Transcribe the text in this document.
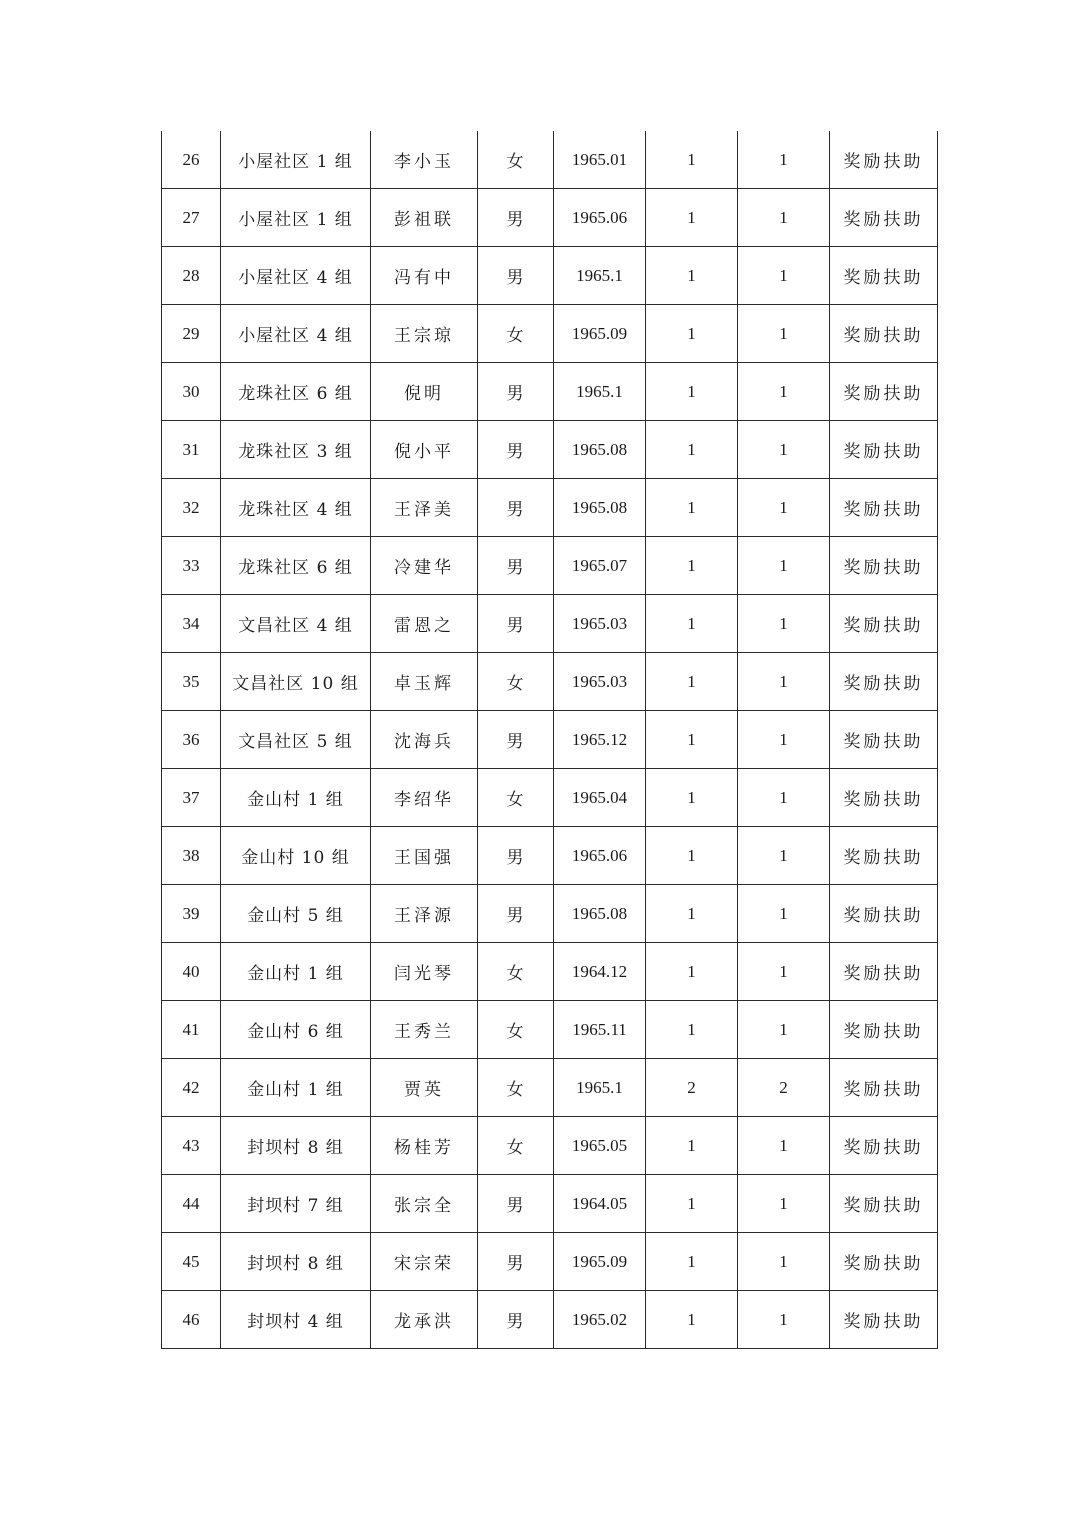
26	小屋社区 1 组	李小玉	女	1965.01	1	1	奖励扶助
27	小屋社区 1 组	彭祖联	男	1965.06	1	1	奖励扶助
28	小屋社区 4 组	冯有中	男	1965.1	1	1	奖励扶助
29	小屋社区 4 组	王宗琼	女	1965.09	1	1	奖励扶助
30	龙珠社区 6 组	倪明	男	1965.1	1	1	奖励扶助
31	龙珠社区 3 组	倪小平	男	1965.08	1	1	奖励扶助
32	龙珠社区 4 组	王泽美	男	1965.08	1	1	奖励扶助
33	龙珠社区 6 组	冷建华	男	1965.07	1	1	奖励扶助
34	文昌社区 4 组	雷恩之	男	1965.03	1	1	奖励扶助
35	文昌社区 10 组	卓玉辉	女	1965.03	1	1	奖励扶助
36	文昌社区 5 组	沈海兵	男	1965.12	1	1	奖励扶助
37	金山村 1 组	李绍华	女	1965.04	1	1	奖励扶助
38	金山村 10 组	王国强	男	1965.06	1	1	奖励扶助
39	金山村 5 组	王泽源	男	1965.08	1	1	奖励扶助
40	金山村 1 组	闫光琴	女	1964.12	1	1	奖励扶助
41	金山村 6 组	王秀兰	女	1965.11	1	1	奖励扶助
42	金山村 1 组	贾英	女	1965.1	2	2	奖励扶助
43	封坝村 8 组	杨桂芳	女	1965.05	1	1	奖励扶助
44	封坝村 7 组	张宗全	男	1964.05	1	1	奖励扶助
45	封坝村 8 组	宋宗荣	男	1965.09	1	1	奖励扶助
46	封坝村 4 组	龙承洪	男	1965.02	1	1	奖励扶助
